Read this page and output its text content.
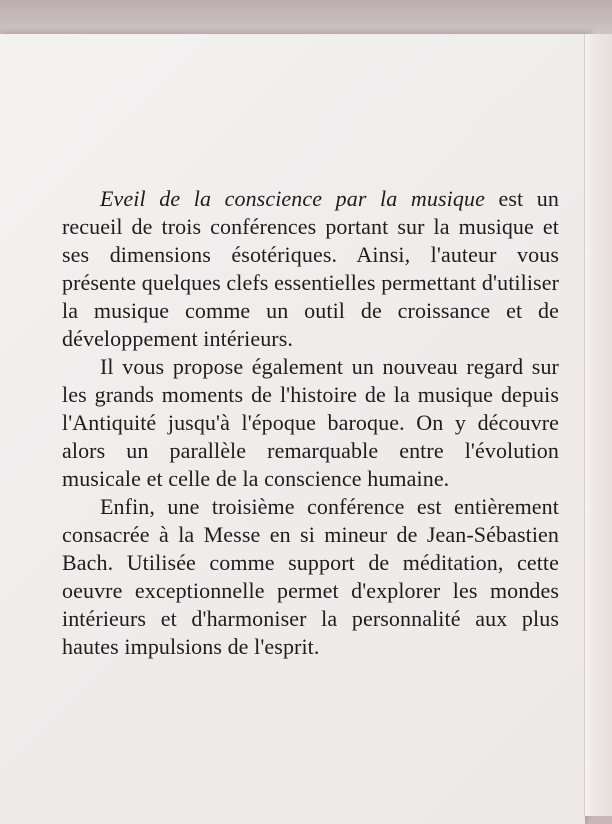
Eveil de la conscience par la musique est un recueil de trois conférences portant sur la musique et ses dimensions ésotériques. Ainsi, l'auteur vous présente quelques clefs essentielles permettant d'utiliser la musique comme un outil de croissance et de développement intérieurs.

Il vous propose également un nouveau regard sur les grands moments de l'histoire de la musique depuis l'Antiquité jusqu'à l'époque baroque. On y découvre alors un parallèle remarquable entre l'évolution musicale et celle de la conscience humaine.

Enfin, une troisième conférence est entièrement consacrée à la Messe en si mineur de Jean-Sébastien Bach. Utilisée comme support de méditation, cette oeuvre exceptionnelle permet d'explorer les mondes intérieurs et d'harmoniser la personnalité aux plus hautes impulsions de l'esprit.
